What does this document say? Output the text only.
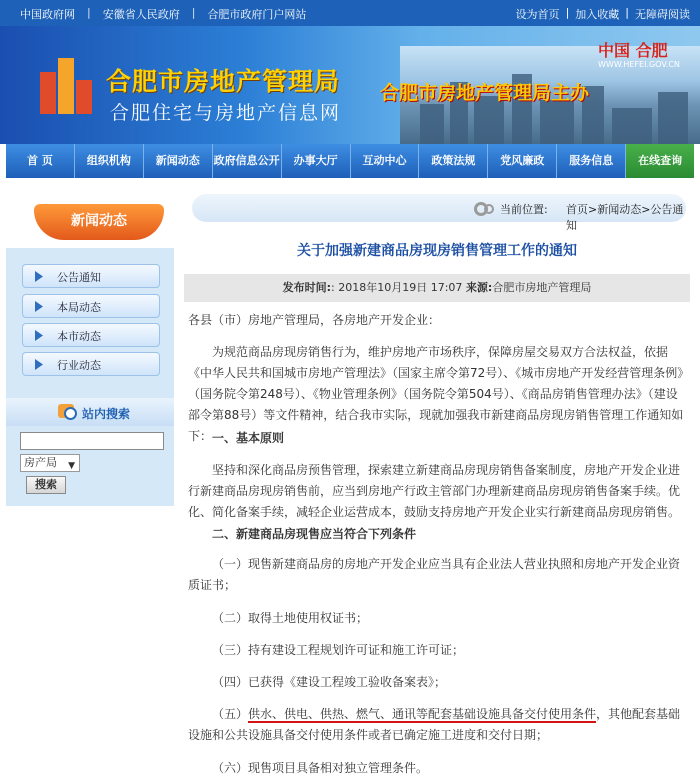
中国政府网 | 安徽省人民政府 | 合肥市政府门户网站	设为首页 | 加入收藏 | 无障碍阅读
合肥市房地产管理局
合肥住宅与房地产信息网
合肥市房地产管理局主办
中国 合肥
WWW.HEFEI.GOV.CN
首 页	组织机构	新闻动态	政府信息公开	办事大厅	互动中心	政策法规	党风廉政	服务信息	在线查询
新闻动态
公告通知
本局动态
本市动态
行业动态
站内搜索
房产局 ▼
搜索
当前位置: 首页>新闻动态>公告通知
关于加强新建商品房现房销售管理工作的通知
发布时间:: 2018年10月19日 17:07 来源:合肥市房地产管理局

各县（市）房地产管理局，各房地产开发企业：

为规范商品房现房销售行为，维护房地产市场秩序，保障房屋交易双方合法权益，依据《中华人民共和国城市房地产管理法》（国家主席令第72号）、《城市房地产开发经营管理条例》（国务院令第248号）、《物业管理条例》（国务院令第504号）、《商品房销售管理办法》（建设部令第88号）等文件精神，结合我市实际，现就加强我市新建商品房现房销售管理工作通知如下： 一、基本原则

坚持和深化商品房预售管理，探索建立新建商品房现房销售备案制度，房地产开发企业进行新建商品房现房销售前，应当到房地产行政主管部门办理新建商品房现房销售备案手续。优化、简化备案手续，减轻企业运营成本，鼓励支持房地产开发企业实行新建商品房现房销售。

二、新建商品房现售应当符合下列条件

（一）现售新建商品房的房地产开发企业应当具有企业法人营业执照和房地产开发企业资质证书；

（二）取得土地使用权证书；

（三）持有建设工程规划许可证和施工许可证；

（四）已获得《建设工程竣工验收备案表》；

（五）供水、供电、供热、燃气、通讯等配套基础设施具备交付使用条件，其他配套基础设施和公共设施具备交付使用条件或者已确定施工进度和交付日期；

（六）现售项目具备相对独立管理条件。
